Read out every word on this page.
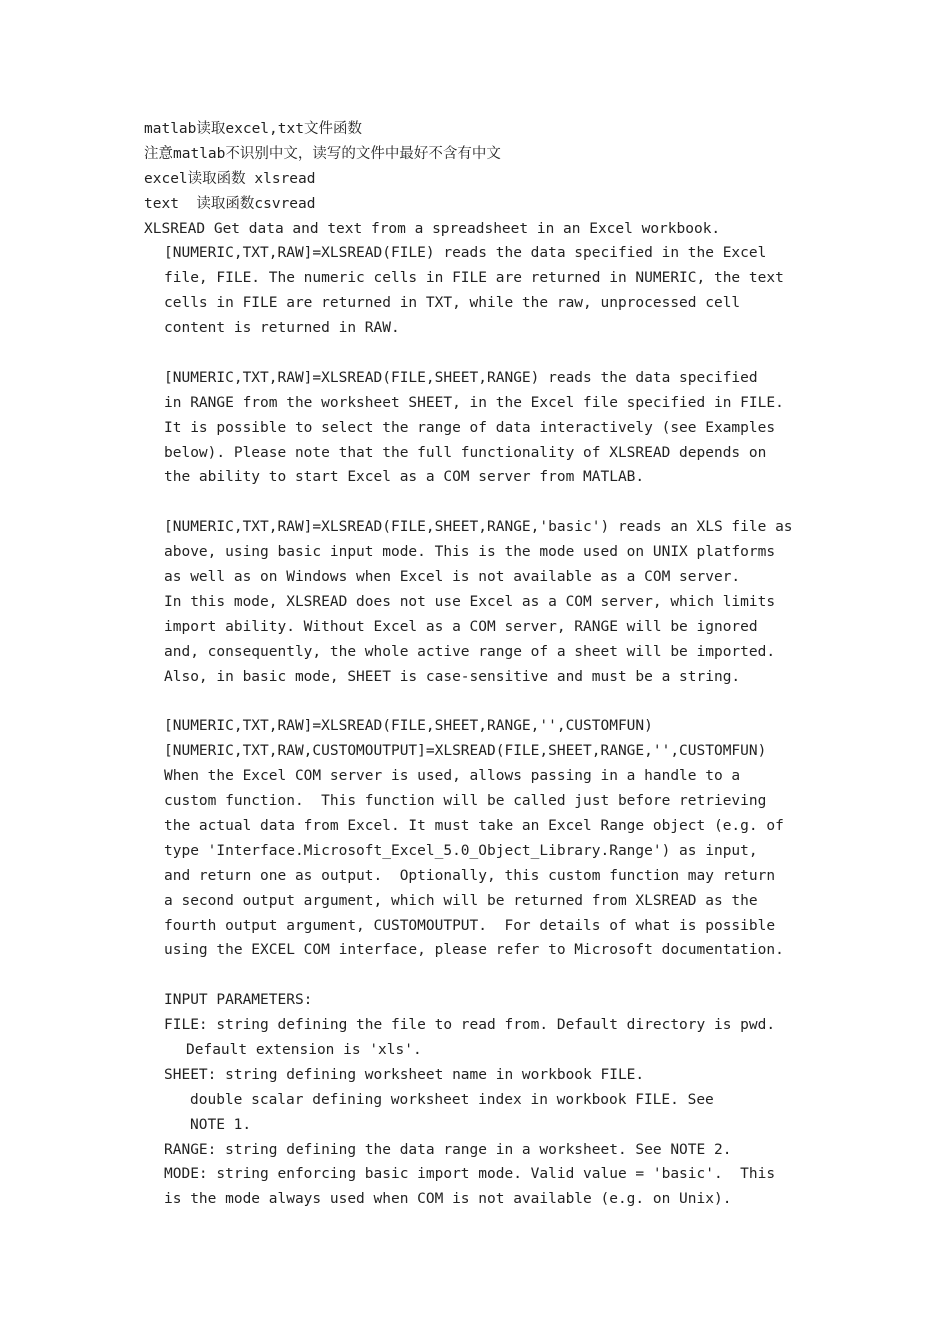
matlab读取excel,txt文件函数
注意matlab不识别中文，读写的文件中最好不含有中文
excel读取函数 xlsread
text  读取函数csvread
XLSREAD Get data and text from a spreadsheet in an Excel workbook.
[NUMERIC,TXT,RAW]=XLSREAD(FILE) reads the data specified in the Excel
file, FILE. The numeric cells in FILE are returned in NUMERIC, the text
cells in FILE are returned in TXT, while the raw, unprocessed cell
content is returned in RAW.
[NUMERIC,TXT,RAW]=XLSREAD(FILE,SHEET,RANGE) reads the data specified
in RANGE from the worksheet SHEET, in the Excel file specified in FILE.
It is possible to select the range of data interactively (see Examples
below). Please note that the full functionality of XLSREAD depends on
the ability to start Excel as a COM server from MATLAB.
[NUMERIC,TXT,RAW]=XLSREAD(FILE,SHEET,RANGE,'basic') reads an XLS file as
above, using basic input mode. This is the mode used on UNIX platforms
as well as on Windows when Excel is not available as a COM server.
In this mode, XLSREAD does not use Excel as a COM server, which limits
import ability. Without Excel as a COM server, RANGE will be ignored
and, consequently, the whole active range of a sheet will be imported.
Also, in basic mode, SHEET is case-sensitive and must be a string.
[NUMERIC,TXT,RAW]=XLSREAD(FILE,SHEET,RANGE,'',CUSTOMFUN)
[NUMERIC,TXT,RAW,CUSTOMOUTPUT]=XLSREAD(FILE,SHEET,RANGE,'',CUSTOMFUN)
When the Excel COM server is used, allows passing in a handle to a
custom function.  This function will be called just before retrieving
the actual data from Excel. It must take an Excel Range object (e.g. of
type 'Interface.Microsoft_Excel_5.0_Object_Library.Range') as input,
and return one as output.  Optionally, this custom function may return
a second output argument, which will be returned from XLSREAD as the
fourth output argument, CUSTOMOUTPUT.  For details of what is possible
using the EXCEL COM interface, please refer to Microsoft documentation.
INPUT PARAMETERS:
FILE: string defining the file to read from. Default directory is pwd.
Default extension is 'xls'.
SHEET: string defining worksheet name in workbook FILE.
double scalar defining worksheet index in workbook FILE. See
NOTE 1.
RANGE: string defining the data range in a worksheet. See NOTE 2.
MODE: string enforcing basic import mode. Valid value = 'basic'.  This
is the mode always used when COM is not available (e.g. on Unix).
